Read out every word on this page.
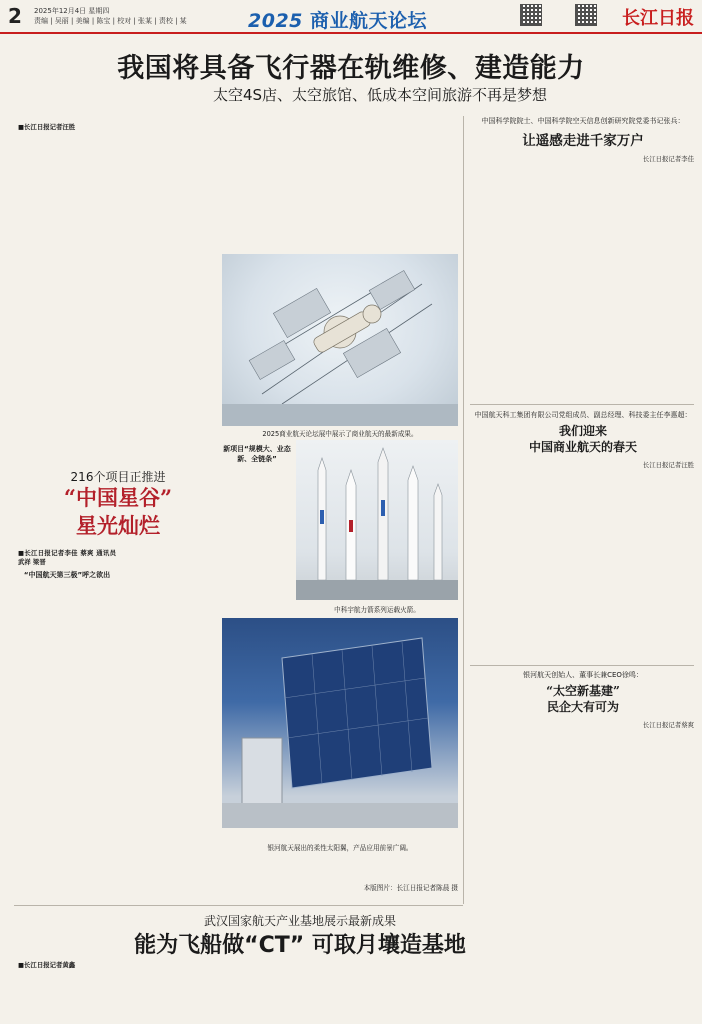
2 2025年12月4日 星期四
责编 | 吴丽 | 美编 | 陈宝 | 校对 | 张某 | 责校 | 某	2025 商业航天论坛	长江日报
我国将具备飞行器在轨维修、建造能力
太空4S店、太空旅馆、低成本空间旅游不再是梦想
■长江日报记者汪胜

2025商业航天论坛展中展示了商业航天的最新成果。
216个项目正推进
“中国星谷”
星光灿烂
■长江日报记者李佳 蔡爽 通讯员武祥 梁晋

“中国航天第三极”呼之欲出

新项目“规模大、业态新、全链条”

中科宇航力箭系列运载火箭。
银河航天展出的柔性太阳翼，产品应用前景广阔。
本版图片：长江日报记者陈晨 摄
中国科学院院士、中国科学院空天信息创新研究院党委书记张兵：
让遥感走进千家万户

长江日报记者李佳
中国航天科工集团有限公司党组成员、副总经理、科技委主任李惠超：
我们迎来
中国商业航天的春天

长江日报记者汪胜
银河航天创始人、董事长兼CEO徐鸣：
“太空新基建”
民企大有可为

长江日报记者蔡爽
武汉国家航天产业基地展示最新成果
能为飞船做“CT” 可取月壤造基地
■长江日报记者黄鑫
